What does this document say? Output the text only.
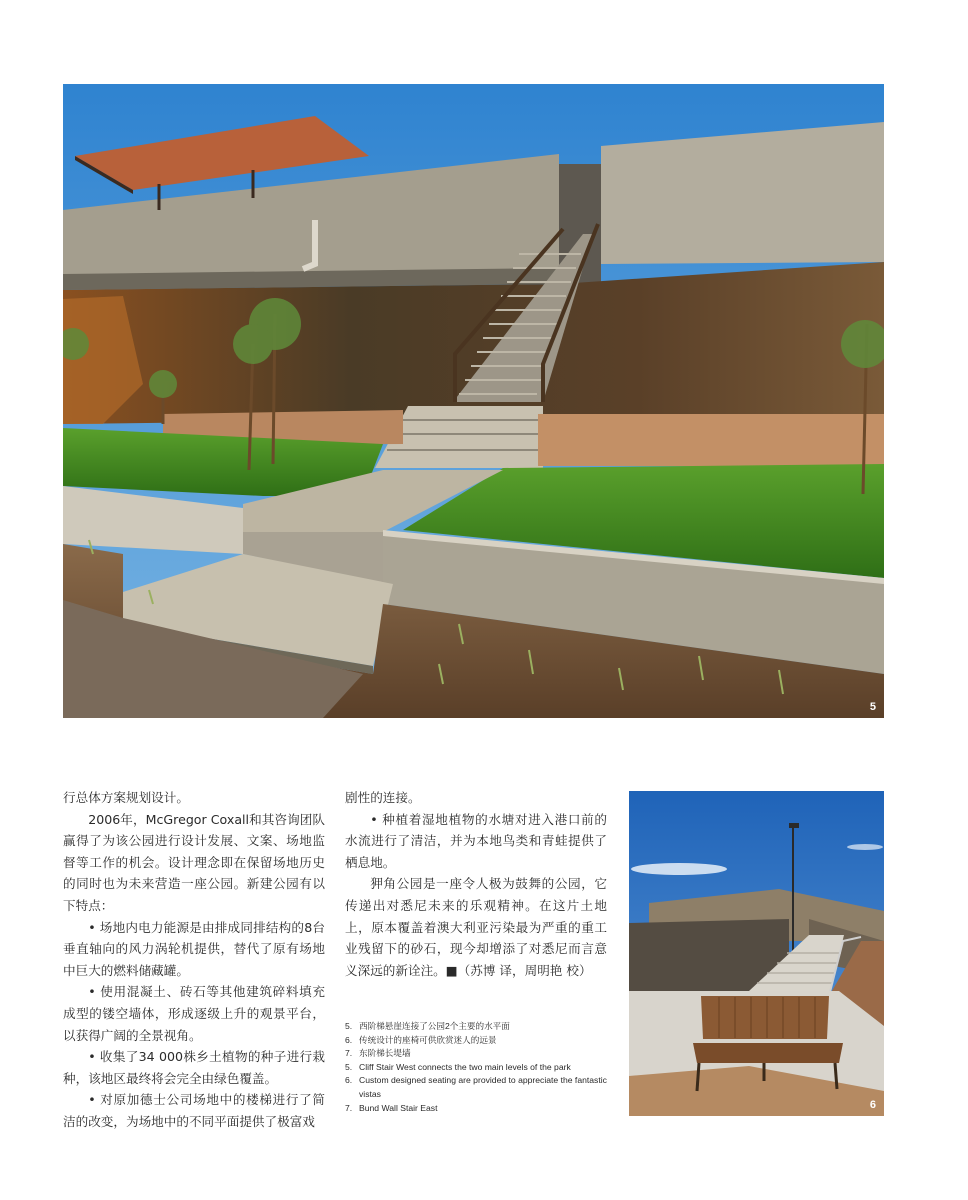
5

行总体方案规划设计。

2006年，McGregor Coxall和其咨询团队赢得了为该公园进行设计发展、文案、场地监督等工作的机会。设计理念即在保留场地历史的同时也为未来营造一座公园。新建公园有以下特点：

• 场地内电力能源是由排成同排结构的8台垂直轴向的风力涡轮机提供，替代了原有场地中巨大的燃料储藏罐。

• 使用混凝土、砖石等其他建筑碎料填充成型的镂空墙体，形成逐级上升的观景平台，以获得广阔的全景视角。

• 收集了34 000株乡土植物的种子进行栽种，该地区最终将会完全由绿色覆盖。

• 对原加德士公司场地中的楼梯进行了简洁的改变，为场地中的不同平面提供了极富戏

剧性的连接。

• 种植着湿地植物的水塘对进入港口前的水流进行了清洁，并为本地鸟类和青蛙提供了栖息地。

狎角公园是一座令人极为鼓舞的公园，它传递出对悉尼未来的乐观精神。在这片土地上，原本覆盖着澳大利亚污染最为严重的重工业残留下的砂石，现今却增添了对悉尼而言意义深远的新诠注。■（苏博 译，周明艳 校）

5. 西阶梯悬崖连接了公园2个主要的水平面
6. 传统设计的座椅可供欣赏迷人的远景
7. 东阶梯长堤墙
5. Cliff Stair West connects the two main levels of the park
6. Custom designed seating are provided to appreciate the fantastic vistas
7. Bund Wall Stair East	6
